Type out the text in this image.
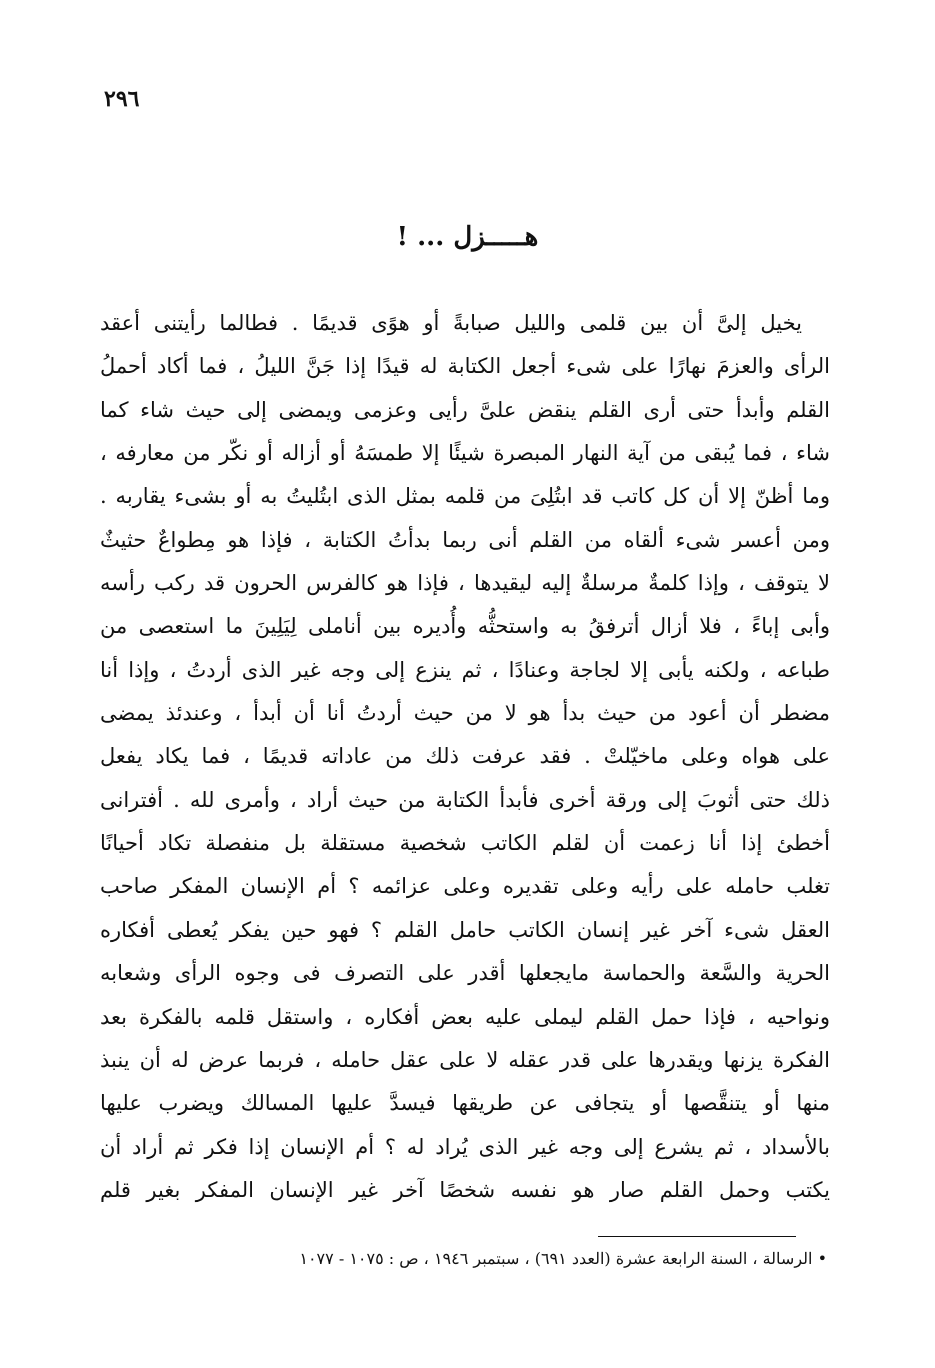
٢٩٦
هـــــزل ... !
يخيل إلىَّ أن بين قلمى والليل صبابةً أو هوًى قديمًا . فطالما رأيتنى أعقد
الرأى والعزمَ نهارًا على شىء أجعل الكتابة له قيدًا إذا جَنَّ الليلُ ، فما أكاد أحملُ
القلم وأبدأ حتى أرى القلم ينقض علىَّ رأيى وعزمى ويمضى إلى حيث شاء كما
شاء ، فما يُبقى من آية النهار المبصرة شيئًا إلا طمسَهُ أو أزاله أو نكّر من معارفه ،
وما أظنّ إلا أن كل كاتب قد ابتُلِىَ من قلمه بمثل الذى ابتُليتُ به أو بشىء يقاربه .
ومن أعسر شىء ألقاه من القلم أنى ربما بدأتُ الكتابة ، فإذا هو مِطواعٌ حثيثٌ
لا يتوقف ، وإذا كلمةٌ مرسلةٌ إليه ليقيدها ، فإذا هو كالفرس الحرون قد ركب رأسه
وأبى إباءً ، فلا أزال أترفقُ به واستحثُّه وأُديره بين أناملى لِيَلِينَ ما استعصى من
طباعه ، ولكنه يأبى إلا لجاجة وعنادًا ، ثم ينزع إلى وجه غير الذى أردتُ ، وإذا أنا
مضطر أن أعود من حيث بدأ هو لا من حيث أردتُ أنا أن أبدأ ، وعندئذ يمضى
على هواه وعلى ماخيّلتْ . فقد عرفت ذلك من عاداته قديمًا ، فما يكاد يفعل
ذلك حتى أثوبَ إلى ورقة أخرى فأبدأ الكتابة من حيث أراد ، وأمرى لله . أفترانى
أخطئ إذا أنا زعمت أن لقلم الكاتب شخصية مستقلة بل منفصلة تكاد أحيانًا
تغلب حامله على رأيه وعلى تقديره وعلى عزائمه ؟ أم الإنسان المفكر صاحب
العقل شىء آخر غير إنسان الكاتب حامل القلم ؟ فهو حين يفكر يُعطى أفكاره
الحرية والسَّعة والحماسة مايجعلها أقدر على التصرف فى وجوه الرأى وشعابه
ونواحيه ، فإذا حمل القلم ليملى عليه بعض أفكاره ، واستقل قلمه بالفكرة بعد
الفكرة يزنها ويقدرها على قدر عقله لا على عقل حامله ، فربما عرض له أن ينبذ
منها أو يتنقَّصها أو يتجافى عن طريقها فيسدَّ عليها المسالك ويضرب عليها
بالأسداد ، ثم يشرع إلى وجه غير الذى يُراد له ؟ أم الإنسان إذا فكر ثم أراد أن
يكتب وحمل القلم صار هو نفسه شخصًا آخر غير الإنسان المفكر بغير قلم
• الرسالة ، السنة الرابعة عشرة (العدد ٦٩١) ، سبتمبر ١٩٤٦ ، ص : ١٠٧٥ - ١٠٧٧
